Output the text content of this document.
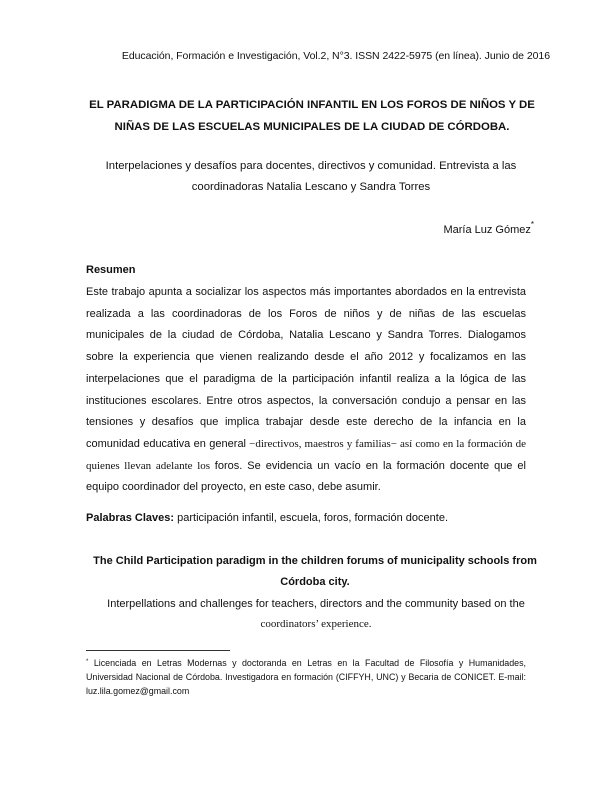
Educación, Formación e Investigación, Vol.2, N°3. ISSN 2422-5975 (en línea). Junio de 2016
EL PARADIGMA DE LA PARTICIPACIÓN INFANTIL EN LOS FOROS DE NIÑOS Y DE NIÑAS DE LAS ESCUELAS MUNICIPALES DE LA CIUDAD DE CÓRDOBA.
Interpelaciones y desafíos para docentes, directivos y comunidad. Entrevista a las coordinadoras Natalia Lescano y Sandra Torres
María Luz Gómez*
Resumen
Este trabajo apunta a socializar los aspectos más importantes abordados en la entrevista realizada a las coordinadoras de los Foros de niños y de niñas de las escuelas municipales de la ciudad de Córdoba, Natalia Lescano y Sandra Torres. Dialogamos sobre la experiencia que vienen realizando desde el año 2012 y focalizamos en las interpelaciones que el paradigma de la participación infantil realiza a la lógica de las instituciones escolares. Entre otros aspectos, la conversación condujo a pensar en las tensiones y desafíos que implica trabajar desde este derecho de la infancia en la comunidad educativa en general −directivos, maestros y familias− así como en la formación de quienes llevan adelante los foros. Se evidencia un vacío en la formación docente que el equipo coordinador del proyecto, en este caso, debe asumir.
Palabras Claves: participación infantil, escuela, foros, formación docente.
The Child Participation paradigm in the children forums of municipality schools from Córdoba city.
Interpellations and challenges for teachers, directors and the community based on the coordinators’ experience.
* Licenciada en Letras Modernas y doctoranda en Letras en la Facultad de Filosofía y Humanidades, Universidad Nacional de Córdoba. Investigadora en formación (CIFFYH, UNC) y Becaria de CONICET. E-mail: luz.lila.gomez@gmail.com
